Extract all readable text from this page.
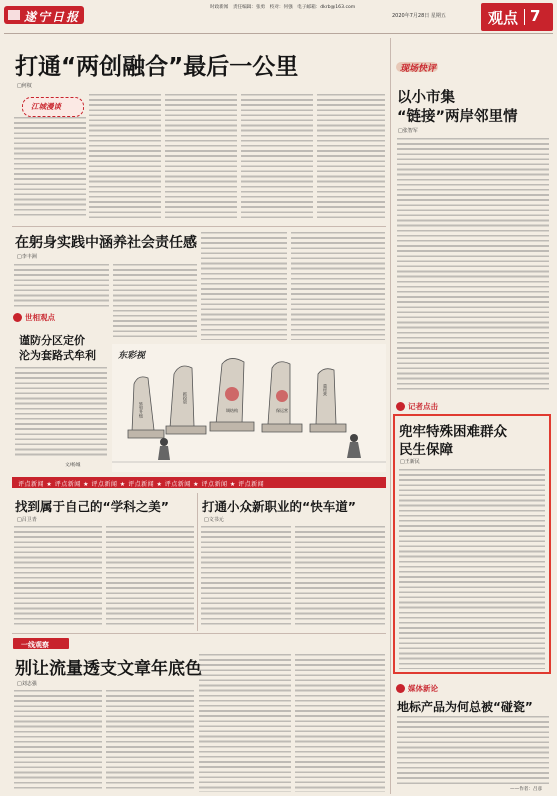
遂宁日报
时政新闻　责任编辑：张勇　校对：何强　电子邮箱：dkrb@163.com
2020年7月28日 星期五	观点 7
打通“两创融合”最后一公里
□何权
江城漫谈
在躬身实践中涵养社会责任感
□李丰洲
世相观点
谨防分区定价
沦为套路式牟利
文/杨城
东彩视
转型升级
抓投资
调结构	保运营
重经营
评点新闻 ★ 评点新闻 ★ 评点新闻 ★ 评点新闻 ★ 评点新闻 ★ 评点新闻 ★ 评点新闻
找到属于自己的“学科之美”
□吕卫青
打通小众新职业的“快车道”
□文书元
一线观察
别让流量透支文章年底色
□刘志强
现场快评
以小市集
“链接”两岸邻里情
□张智军
记者点击
兜牢特殊困难群众
民生保障
□王新民
媒体新论
地标产品为何总被“碰瓷”
——作者：吕彦
